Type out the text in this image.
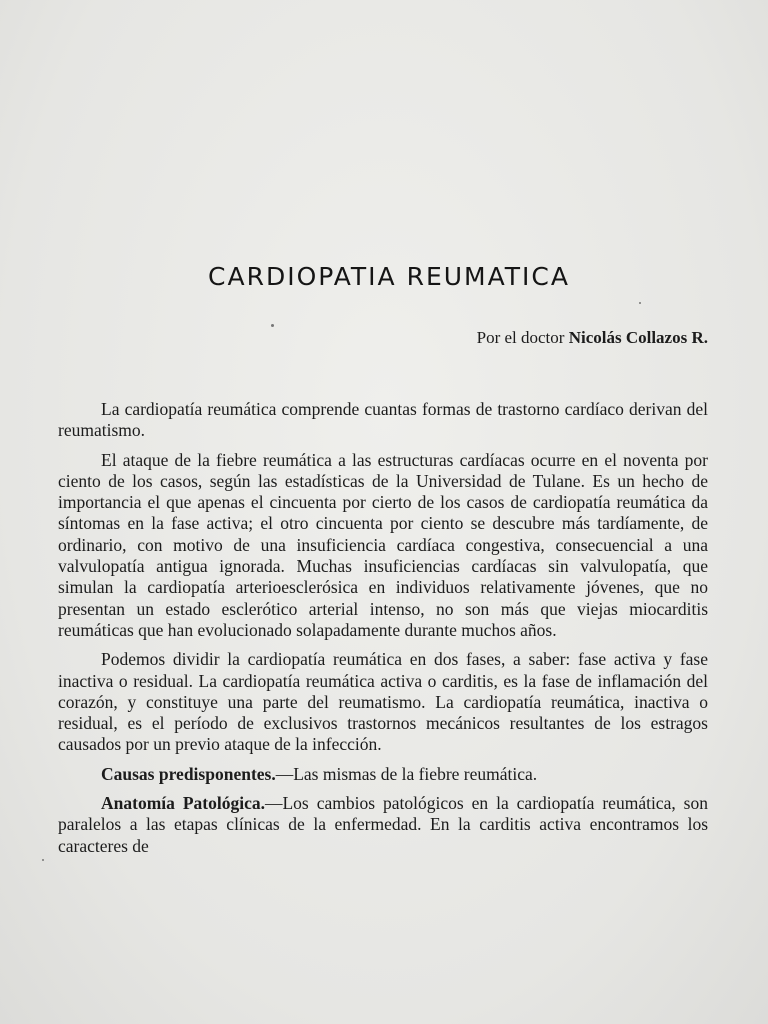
CARDIOPATIA REUMATICA

Por el doctor Nicolás Collazos R.

La cardiopatía reumática comprende cuantas formas de trastorno cardíaco derivan del reumatismo.

El ataque de la fiebre reumática a las estructuras cardíacas ocurre en el noventa por ciento de los casos, según las estadísticas de la Universidad de Tulane. Es un hecho de importancia el que apenas el cincuenta por cierto de los casos de cardiopatía reumática da síntomas en la fase activa; el otro cincuenta por ciento se descubre más tardíamente, de ordinario, con motivo de una insuficiencia cardíaca congestiva, consecuencial a una valvulopatía antigua ignorada. Muchas insuficiencias cardíacas sin valvulopatía, que simulan la cardiopatía arterioesclerósica en individuos relativamente jóvenes, que no presentan un estado esclerótico arterial intenso, no son más que viejas miocarditis reumáticas que han evolucionado solapadamente durante muchos años.

Podemos dividir la cardiopatía reumática en dos fases, a saber: fase activa y fase inactiva o residual. La cardiopatía reumática activa o carditis, es la fase de inflamación del corazón, y constituye una parte del reumatismo. La cardiopatía reumática, inactiva o residual, es el período de exclusivos trastornos mecánicos resultantes de los estragos causados por un previo ataque de la infección.

Causas predisponentes.—Las mismas de la fiebre reumática.

Anatomía Patológica.—Los cambios patológicos en la cardiopatía reumática, son paralelos a las etapas clínicas de la enfermedad. En la carditis activa encontramos los caracteres de
